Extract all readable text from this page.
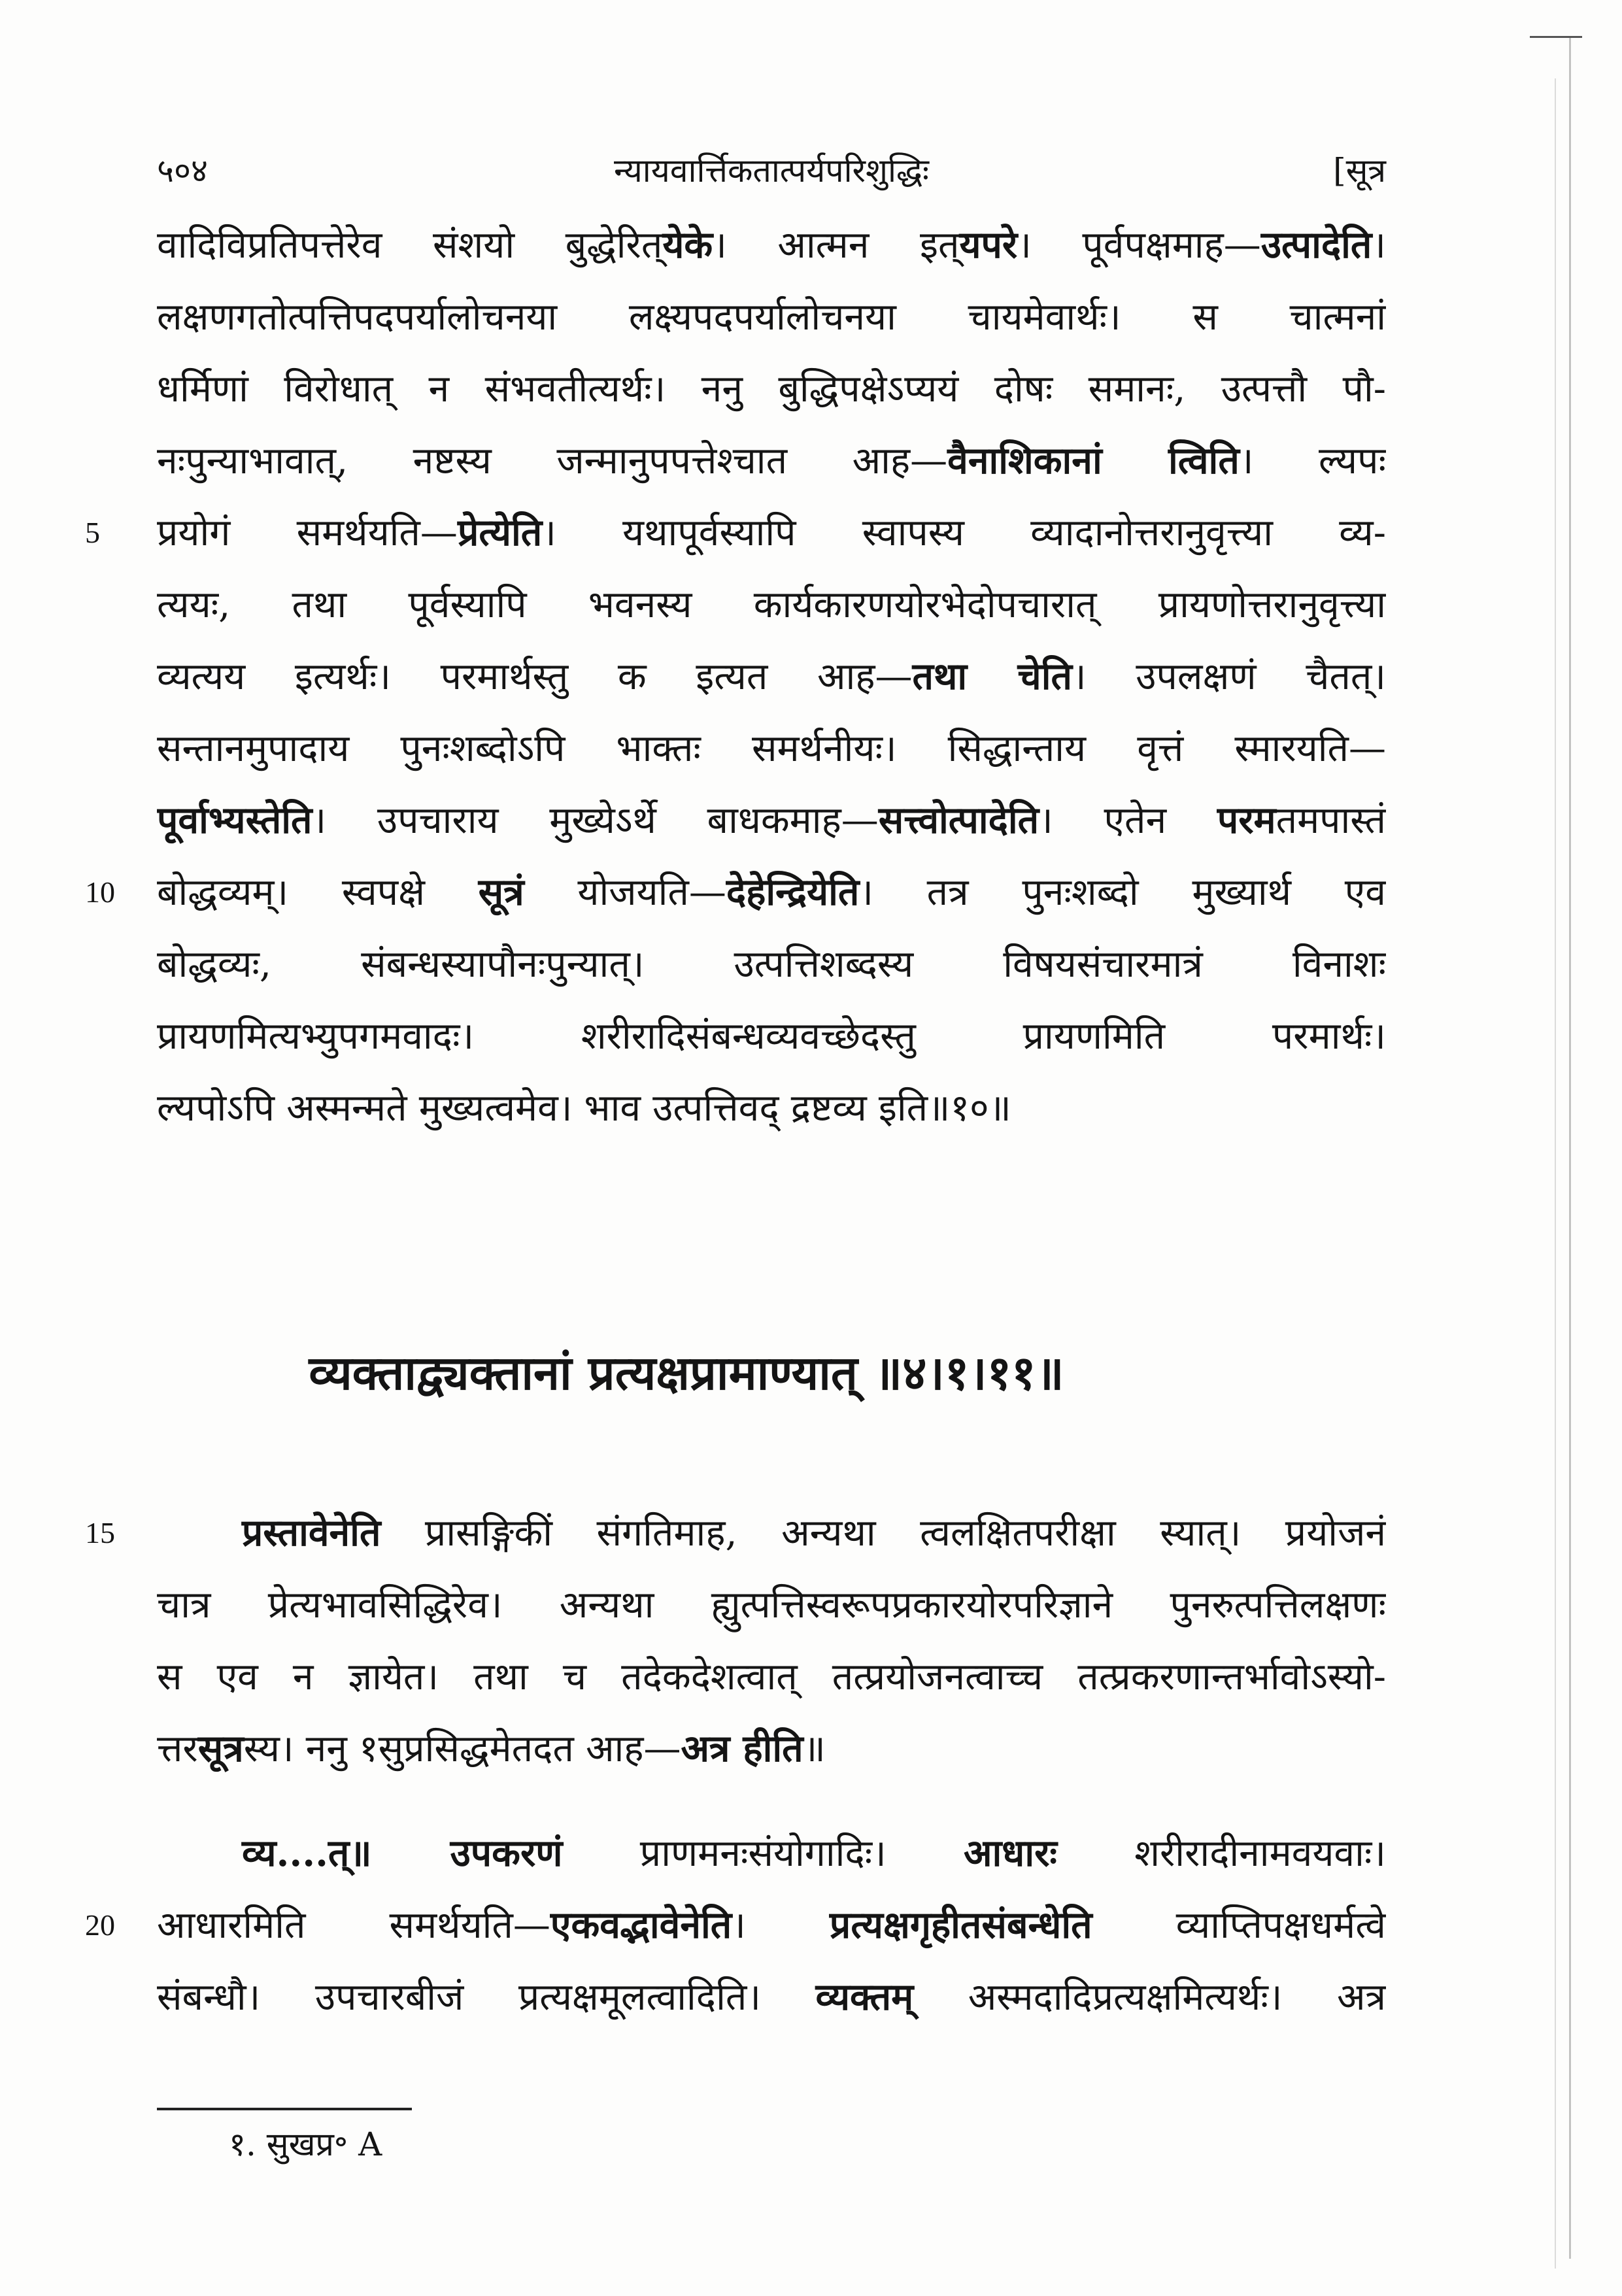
५०४	न्यायवार्त्तिकतात्पर्यपरिशुद्धिः	[सूत्र
वादिविप्रतिपत्तेरेव संशयो बुद्धेरित्येके। आत्मन इत्यपरे। पूर्वपक्षमाह—उत्पादेति।
लक्षणगतोत्पत्तिपदपर्यालोचनया लक्ष्यपदपर्यालोचनया चायमेवार्थः। स चात्मनां
धर्मिणां विरोधात् न संभवतीत्यर्थः। ननु बुद्धिपक्षेऽप्ययं दोषः समानः, उत्पत्तौ पौ-
नःपुन्याभावात्, नष्टस्य जन्मानुपपत्तेश्चात आह—वैनाशिकानां त्विति। ल्यपः
प्रयोगं समर्थयति—प्रेत्येति। यथापूर्वस्यापि स्वापस्य व्यादानोत्तरानुवृत्त्या व्य-
त्ययः, तथा पूर्वस्यापि भवनस्य कार्यकारणयोरभेदोपचारात् प्रायणोत्तरानुवृत्त्या
व्यत्यय इत्यर्थः। परमार्थस्तु क इत्यत आह—तथा चेति। उपलक्षणं चैतत्।
सन्तानमुपादाय पुनःशब्दोऽपि भाक्तः समर्थनीयः। सिद्धान्ताय वृत्तं स्मारयति—
पूर्वाभ्यस्तेति। उपचाराय मुख्येऽर्थे बाधकमाह—सत्त्वोत्पादेति। एतेन परमतमपास्तं
बोद्धव्यम्। स्वपक्षे सूत्रं योजयति—देहेन्द्रियेति। तत्र पुनःशब्दो मुख्यार्थ एव
बोद्धव्यः, संबन्धस्यापौनःपुन्यात्। उत्पत्तिशब्दस्य विषयसंचारमात्रं विनाशः
प्रायणमित्यभ्युपगमवादः। शरीरादिसंबन्धव्यवच्छेदस्तु प्रायणमिति परमार्थः।
ल्यपोऽपि अस्मन्मते मुख्यत्वमेव। भाव उत्पत्तिवद् द्रष्टव्य इति॥१०॥
5
10
व्यक्ताद्व्यक्तानां प्रत्यक्षप्रामाण्यात् ॥४।१।११॥
प्रस्तावेनेति प्रासङ्गिकीं संगतिमाह, अन्यथा त्वलक्षितपरीक्षा स्यात्। प्रयोजनं
चात्र प्रेत्यभावसिद्धिरेव। अन्यथा ह्युत्पत्तिस्वरूपप्रकारयोरपरिज्ञाने पुनरुत्पत्तिलक्षणः
स एव न ज्ञायेत। तथा च तदेकदेशत्वात् तत्प्रयोजनत्वाच्च तत्प्रकरणान्तर्भावोऽस्यो-
त्तरसूत्रस्य। ननु १सुप्रसिद्धमेतदत आह—अत्र हीति॥
व्य....त्॥ उपकरणं प्राणमनःसंयोगादिः। आधारः शरीरादीनामवयवाः।
आधारमिति समर्थयति—एकवद्भावेनेति। प्रत्यक्षगृहीतसंबन्धेति व्याप्तिपक्षधर्मत्वे
संबन्धौ। उपचारबीजं प्रत्यक्षमूलत्वादिति। व्यक्तम् अस्मदादिप्रत्यक्षमित्यर्थः। अत्र
15
20
१. सुखप्र॰ A
